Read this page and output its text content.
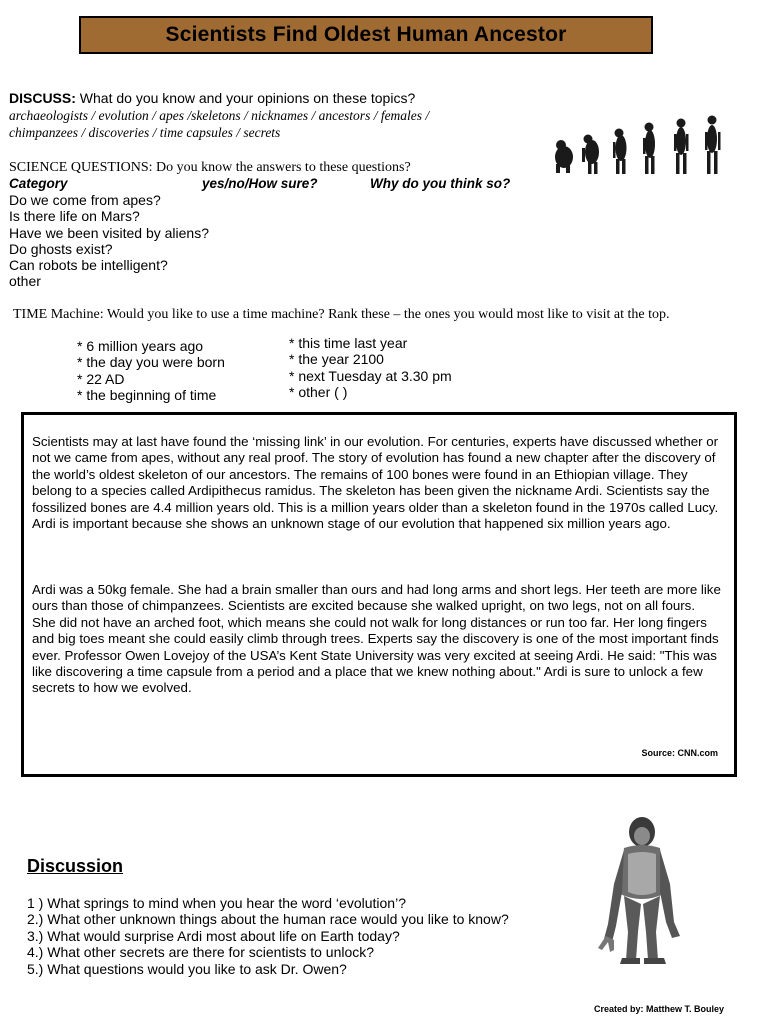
Scientists Find Oldest Human Ancestor
DISCUSS: What do you know and your opinions on these topics?
archaeologists / evolution / apes /skeletons / nicknames / ancestors / females /
chimpanzees / discoveries / time capsules / secrets
SCIENCE QUESTIONS: Do you know the answers to these questions?
Category	yes/no/How sure?	Why do you think so?
Do we come from apes?
Is there life on Mars?
Have we been visited by aliens?
Do ghosts exist?
Can robots be intelligent?
other
TIME Machine: Would you like to use a time machine? Rank these – the ones you would most like to visit at the top.
* 6 million years ago
* the day you were born
* 22 AD
* the beginning of time
* this time last year
* the year 2100
* next Tuesday at 3.30 pm
* other ( )

Scientists may at last have found the ‘missing link’ in our evolution. For centuries, experts have discussed whether or not we came from apes, without any real proof. The story of evolution has found a new chapter after the discovery of the world’s oldest skeleton of our ancestors. The remains of 100 bones were found in an Ethiopian village. They belong to a species called Ardipithecus ramidus. The skeleton has been given the nickname Ardi. Scientists say the fossilized bones are 4.4 million years old. This is a million years older than a skeleton found in the 1970s called Lucy. Ardi is important because she shows an unknown stage of our evolution that happened six million years ago.

Ardi was a 50kg female. She had a brain smaller than ours and had long arms and short legs. Her teeth are more like ours than those of chimpanzees. Scientists are excited because she walked upright, on two legs, not on all fours. She did not have an arched foot, which means she could not walk for long distances or run too far. Her long fingers and big toes meant she could easily climb through trees. Experts say the discovery is one of the most important finds ever. Professor Owen Lovejoy of the USA’s Kent State University was very excited at seeing Ardi. He said: "This was like discovering a time capsule from a period and a place that we knew nothing about." Ardi is sure to unlock a few secrets to how we evolved.

Source: CNN.com
Discussion
1 ) What springs to mind when you hear the word ‘evolution’?
2.) What other unknown things about the human race would you like to know?
3.) What would surprise Ardi most about life on Earth today?
4.) What other secrets are there for scientists to unlock?
5.) What questions would you like to ask Dr. Owen?
Created by: Matthew T. Bouley
